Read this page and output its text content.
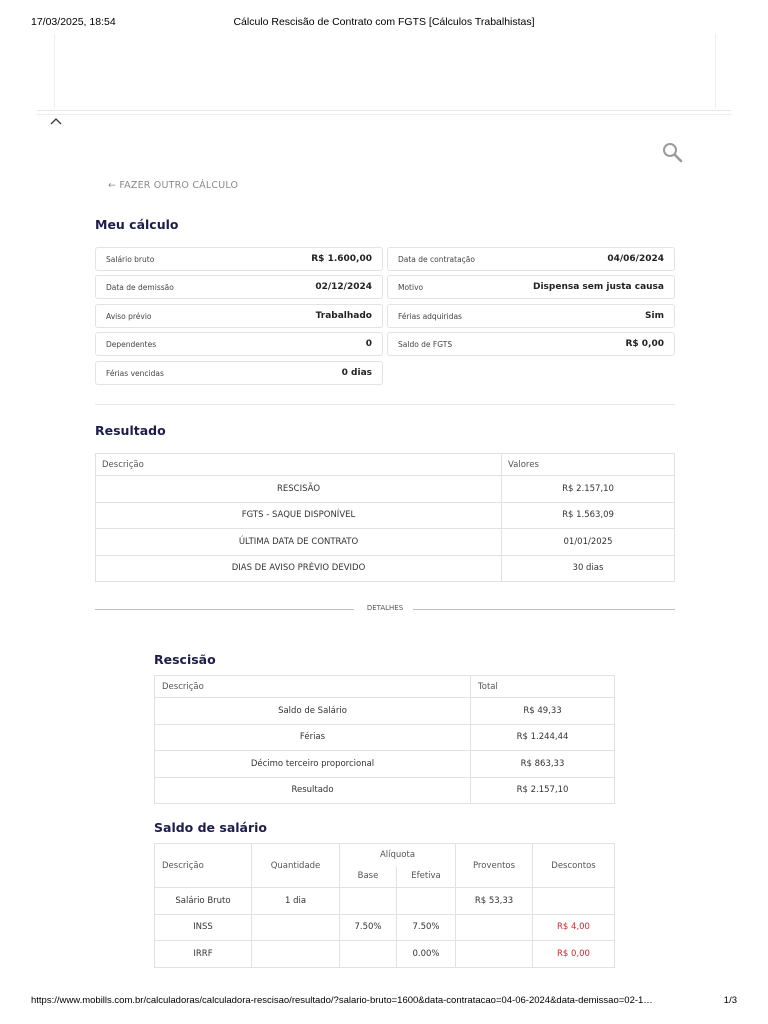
17/03/2025, 18:54	Cálculo Rescisão de Contrato com FGTS [Cálculos Trabalhistas]
← FAZER OUTRO CÁLCULO
Meu cálculo
Salário bruto	R$ 1.600,00	Data de contratação	04/06/2024
Data de demissão	02/12/2024	Motivo	Dispensa sem justa causa
Aviso prévio	Trabalhado	Férias adquiridas	Sim
Dependentes	0	Saldo de FGTS	R$ 0,00
Férias vencidas	0 dias
Resultado
Descrição	Valores
RESCISÃO	R$ 2.157,10
FGTS - SAQUE DISPONÍVEL	R$ 1.563,09
ÚLTIMA DATA DE CONTRATO	01/01/2025
DIAS DE AVISO PRÉVIO DEVIDO	30 dias
DETALHES
Rescisão
Descrição	Total
Saldo de Salário	R$ 49,33
Férias	R$ 1.244,44
Décimo terceiro proporcional	R$ 863,33
Resultado	R$ 2.157,10
Saldo de salário
Descrição	Quantidade	Alíquota		Proventos	Descontos
		Base	Efetiva		
Salário Bruto	1 dia			R$ 53,33	
INSS		7.50%	7.50%		R$ 4,00
IRRF			0.00%		R$ 0,00
https://www.mobills.com.br/calculadoras/calculadora-rescisao/resultado/?salario-bruto=1600&data-contratacao=04-06-2024&data-demissao=02-1…	1/3
